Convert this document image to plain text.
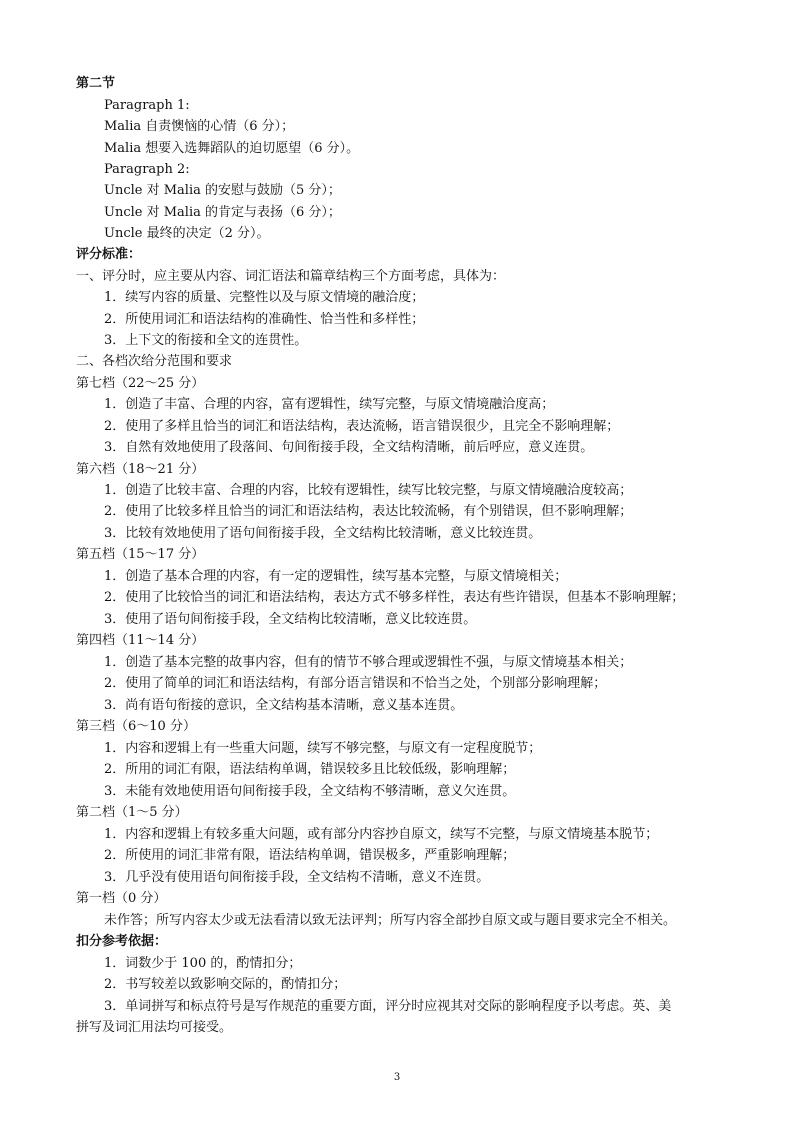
第二节
Paragraph 1:
Malia 自责懊恼的心情（6 分）；
Malia 想要入选舞蹈队的迫切愿望（6 分）。
Paragraph 2:
Uncle 对 Malia 的安慰与鼓励（5 分）；
Uncle 对 Malia 的肯定与表扬（6 分）；
Uncle 最终的决定（2 分）。
评分标准：
一、评分时，应主要从内容、词汇语法和篇章结构三个方面考虑，具体为：
1．续写内容的质量、完整性以及与原文情境的融洽度；
2．所使用词汇和语法结构的准确性、恰当性和多样性；
3．上下文的衔接和全文的连贯性。
二、各档次给分范围和要求
第七档（22～25 分）
1．创造了丰富、合理的内容，富有逻辑性，续写完整，与原文情境融洽度高；
2．使用了多样且恰当的词汇和语法结构，表达流畅，语言错误很少，且完全不影响理解；
3．自然有效地使用了段落间、句间衔接手段，全文结构清晰，前后呼应，意义连贯。
第六档（18～21 分）
1．创造了比较丰富、合理的内容，比较有逻辑性，续写比较完整，与原文情境融洽度较高；
2．使用了比较多样且恰当的词汇和语法结构，表达比较流畅，有个别错误，但不影响理解；
3．比较有效地使用了语句间衔接手段，全文结构比较清晰，意义比较连贯。
第五档（15～17 分）
1．创造了基本合理的内容，有一定的逻辑性，续写基本完整，与原文情境相关；
2．使用了比较恰当的词汇和语法结构，表达方式不够多样性，表达有些许错误，但基本不影响理解；
3．使用了语句间衔接手段，全文结构比较清晰，意义比较连贯。
第四档（11～14 分）
1．创造了基本完整的故事内容，但有的情节不够合理或逻辑性不强，与原文情境基本相关；
2．使用了简单的词汇和语法结构，有部分语言错误和不恰当之处，个别部分影响理解；
3．尚有语句衔接的意识，全文结构基本清晰，意义基本连贯。
第三档（6～10 分）
1．内容和逻辑上有一些重大问题，续写不够完整，与原文有一定程度脱节；
2．所用的词汇有限，语法结构单调，错误较多且比较低级，影响理解；
3．未能有效地使用语句间衔接手段，全文结构不够清晰，意义欠连贯。
第二档（1～5 分）
1．内容和逻辑上有较多重大问题，或有部分内容抄自原文，续写不完整，与原文情境基本脱节；
2．所使用的词汇非常有限，语法结构单调，错误极多，严重影响理解；
3．几乎没有使用语句间衔接手段，全文结构不清晰，意义不连贯。
第一档（0 分）
未作答；所写内容太少或无法看清以致无法评判；所写内容全部抄自原文或与题目要求完全不相关。
扣分参考依据：
1．词数少于 100 的，酌情扣分；
2．书写较差以致影响交际的，酌情扣分；
3．单词拼写和标点符号是写作规范的重要方面，评分时应视其对交际的影响程度予以考虑。英、美
拼写及词汇用法均可接受。
3
